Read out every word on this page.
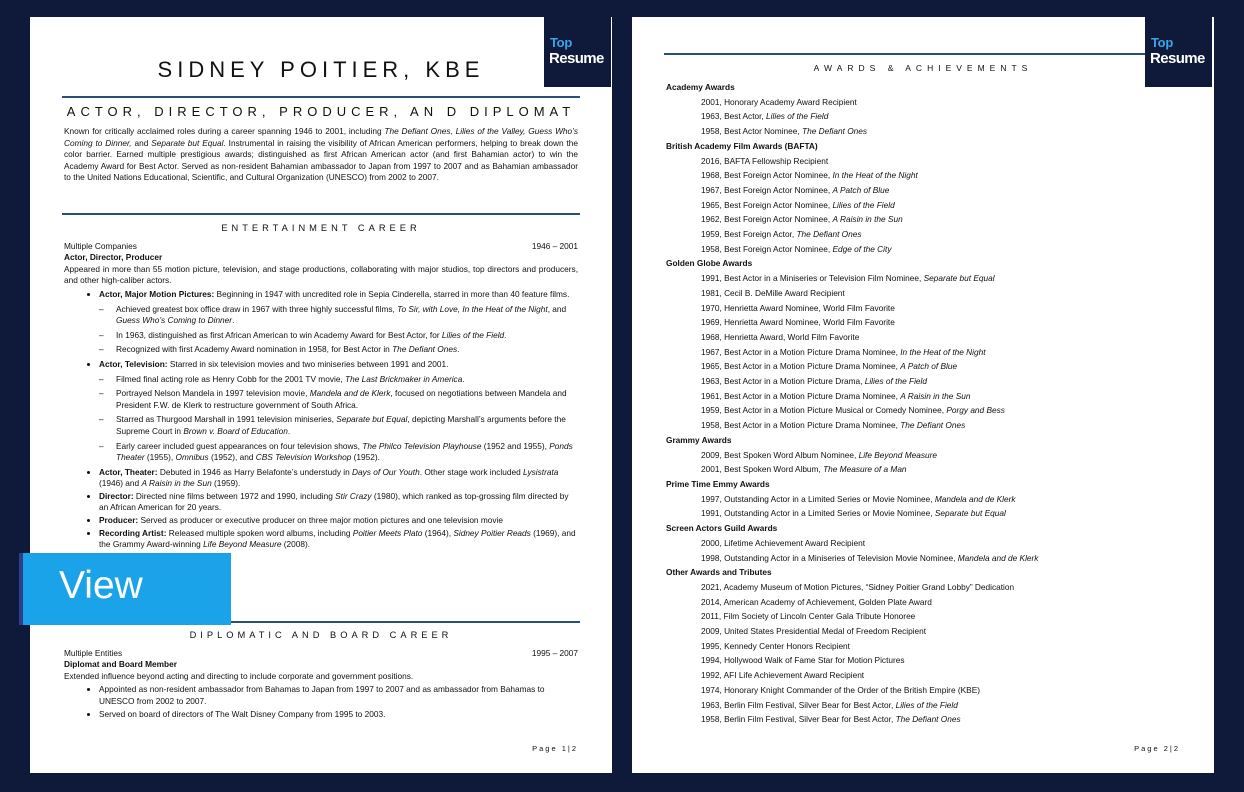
Top
Resume
SIDNEY POITIER, KBE
ACTOR, DIRECTOR, PRODUCER, AN D DIPLOMAT

Known for critically acclaimed roles during a career spanning 1946 to 2001, including The Defiant Ones, Lilies of the Valley, Guess Who’s Coming to Dinner, and Separate but Equal. Instrumental in raising the visibility of African American performers, helping to break down the color barrier. Earned multiple prestigious awards; distinguished as first African American actor (and first Bahamian actor) to win the Academy Award for Best Actor. Served as non-resident Bahamian ambassador to Japan from 1997 to 2007 and as Bahamian ambassador to the United Nations Educational, Scientific, and Cultural Organization (UNESCO) from 2002 to 2007.

ENTERTAINMENT CAREER
Multiple Companies	1946 – 2001
Actor, Director, Producer

Appeared in more than 55 motion picture, television, and stage productions, collaborating with major studios, top directors and producers, and other high-caliber actors.

• Actor, Major Motion Pictures: Beginning in 1947 with uncredited role in Sepia Cinderella, starred in more than 40 feature films.
– Achieved greatest box office draw in 1967 with three highly successful films, To Sir, with Love, In the Heat of the Night, and Guess Who’s Coming to Dinner.
– In 1963, distinguished as first African American to win Academy Award for Best Actor, for Lilies of the Field.
– Recognized with first Academy Award nomination in 1958, for Best Actor in The Defiant Ones.
• Actor, Television: Starred in six television movies and two miniseries between 1991 and 2001.
– Filmed final acting role as Henry Cobb for the 2001 TV movie, The Last Brickmaker in America.
– Portrayed Nelson Mandela in 1997 television movie, Mandela and de Klerk, focused on negotiations between Mandela and President F.W. de Klerk to restructure government of South Africa.
– Starred as Thurgood Marshall in 1991 television miniseries, Separate but Equal, depicting Marshall’s arguments before the Supreme Court in Brown v. Board of Education.
– Early career included guest appearances on four television shows, The Philco Television Playhouse (1952 and 1955), Ponds Theater (1955), Omnibus (1952), and CBS Television Workshop (1952).
• Actor, Theater: Debuted in 1946 as Harry Belafonte’s understudy in Days of Our Youth. Other stage work included Lysistrata (1946) and A Raisin in the Sun (1959).
• Director: Directed nine films between 1972 and 1990, including Stir Crazy (1980), which ranked as top-grossing film directed by an African American for 20 years.
• Producer: Served as producer or executive producer on three major motion pictures and one television movie
• Recording Artist: Released multiple spoken word albums, including Poitier Meets Plato (1964), Sidney Poitier Reads (1969), and the Grammy Award-winning Life Beyond Measure (2008).
DIPLOMATIC AND BOARD CAREER
Multiple Entities	1995 – 2007
Diplomat and Board Member

Extended influence beyond acting and directing to include corporate and government positions.

• Appointed as non-resident ambassador from Bahamas to Japan from 1997 to 2007 and as ambassador from Bahamas to UNESCO from 2002 to 2007.
• Served on board of directors of The Walt Disney Company from 1995 to 2003.
Page 1|2
Top
Resume
AWARDS & ACHIEVEMENTS
Academy Awards
2001, Honorary Academy Award Recipient
1963, Best Actor, Lilies of the Field
1958, Best Actor Nominee, The Defiant Ones
British Academy Film Awards (BAFTA)
2016, BAFTA Fellowship Recipient
1968, Best Foreign Actor Nominee, In the Heat of the Night
1967, Best Foreign Actor Nominee, A Patch of Blue
1965, Best Foreign Actor Nominee, Lilies of the Field
1962, Best Foreign Actor Nominee, A Raisin in the Sun
1959, Best Foreign Actor, The Defiant Ones
1958, Best Foreign Actor Nominee, Edge of the City
Golden Globe Awards
1991, Best Actor in a Miniseries or Television Film Nominee, Separate but Equal
1981, Cecil B. DeMille Award Recipient
1970, Henrietta Award Nominee, World Film Favorite
1969, Henrietta Award Nominee, World Film Favorite
1968, Henrietta Award, World Film Favorite
1967, Best Actor in a Motion Picture Drama Nominee, In the Heat of the Night
1965, Best Actor in a Motion Picture Drama Nominee, A Patch of Blue
1963, Best Actor in a Motion Picture Drama, Lilies of the Field
1961, Best Actor in a Motion Picture Drama Nominee, A Raisin in the Sun
1959, Best Actor in a Motion Picture Musical or Comedy Nominee, Porgy and Bess
1958, Best Actor in a Motion Picture Drama Nominee, The Defiant Ones
Grammy Awards
2009, Best Spoken Word Album Nominee, Life Beyond Measure
2001, Best Spoken Word Album, The Measure of a Man
Prime Time Emmy Awards
1997, Outstanding Actor in a Limited Series or Movie Nominee, Mandela and de Klerk
1991, Outstanding Actor in a Limited Series or Movie Nominee, Separate but Equal
Screen Actors Guild Awards
2000, Lifetime Achievement Award Recipient
1998, Outstanding Actor in a Miniseries of Television Movie Nominee, Mandela and de Klerk
Other Awards and Tributes
2021, Academy Museum of Motion Pictures, “Sidney Poitier Grand Lobby” Dedication
2014, American Academy of Achievement, Golden Plate Award
2011, Film Society of Lincoln Center Gala Tribute Honoree
2009, United States Presidential Medal of Freedom Recipient
1995, Kennedy Center Honors Recipient
1994, Hollywood Walk of Fame Star for Motion Pictures
1992, AFI Life Achievement Award Recipient
1974, Honorary Knight Commander of the Order of the British Empire (KBE)
1963, Berlin Film Festival, Silver Bear for Best Actor, Lilies of the Field
1958, Berlin Film Festival, Silver Bear for Best Actor, The Defiant Ones
Page 2|2
View
